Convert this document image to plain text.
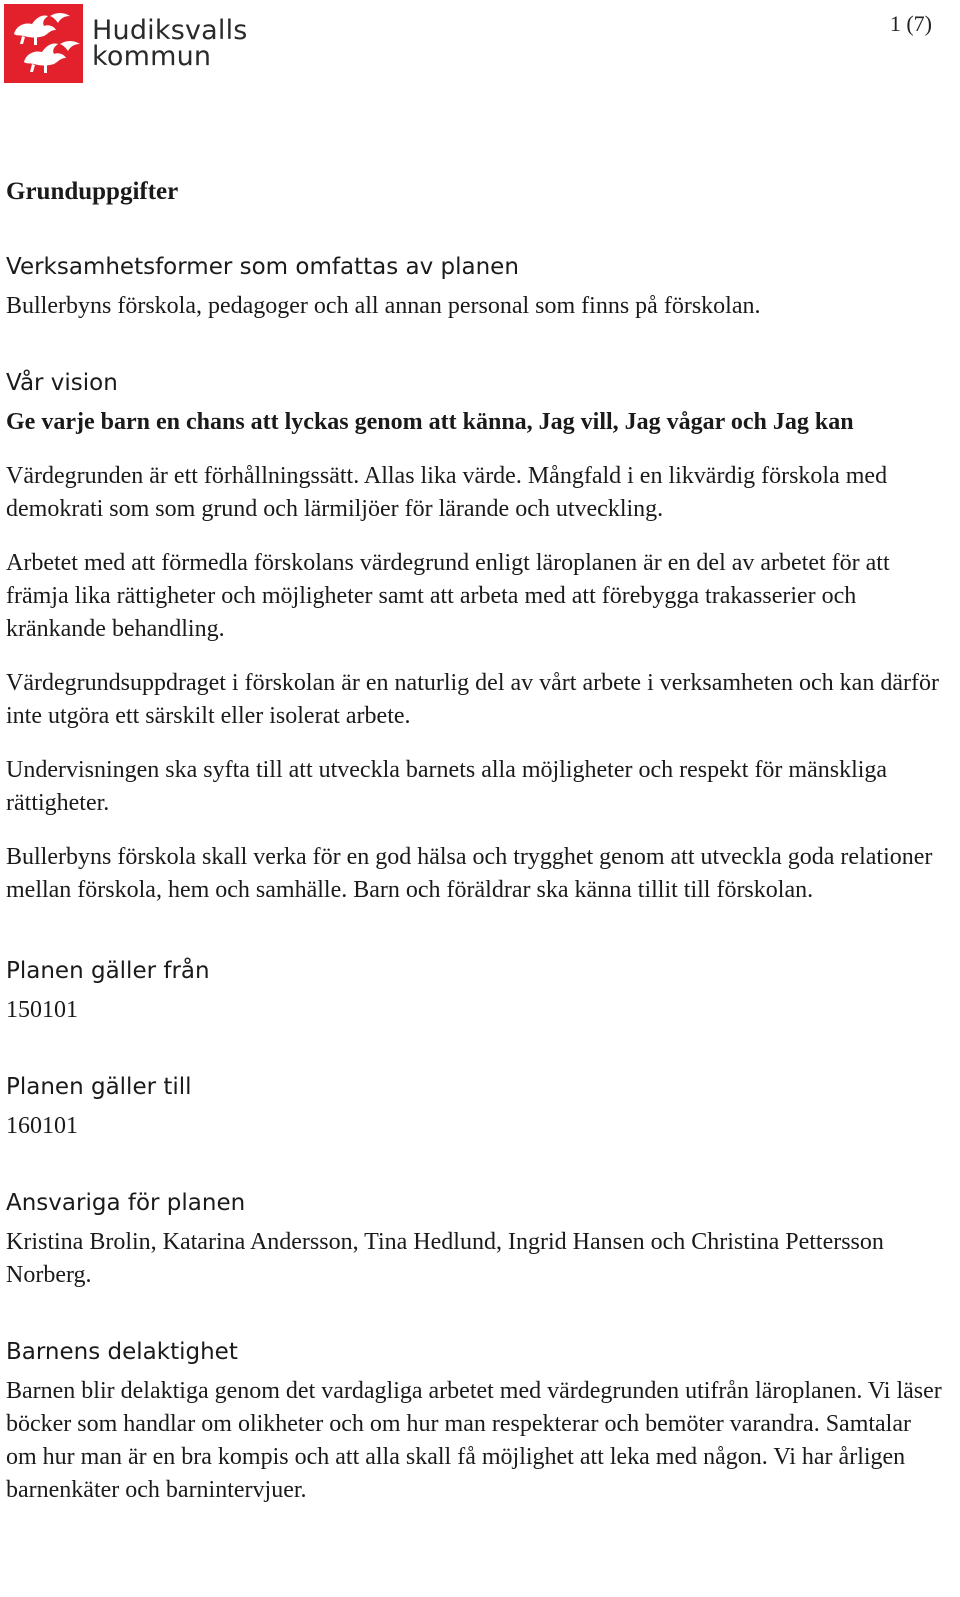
Hudiksvalls
kommun
1 (7)
Grunduppgifter
Verksamhetsformer som omfattas av planen
Bullerbyns förskola, pedagoger och all annan personal som finns på förskolan.
Vår vision
Ge varje barn en chans att lyckas genom att känna, Jag vill, Jag vågar och Jag kan
Värdegrunden är ett förhållningssätt. Allas lika värde. Mångfald i en likvärdig förskola med demokrati som som grund och lärmiljöer för lärande och utveckling.
Arbetet med att förmedla förskolans värdegrund enligt läroplanen är en del av arbetet för att främja lika rättigheter och möjligheter samt att arbeta med att förebygga trakasserier och kränkande behandling.
Värdegrundsuppdraget i förskolan är en naturlig del av vårt arbete i verksamheten och kan därför inte utgöra ett särskilt eller isolerat arbete.
Undervisningen ska syfta till att utveckla barnets alla möjligheter och respekt för mänskliga rättigheter.
Bullerbyns förskola skall verka för en god hälsa och trygghet genom att utveckla goda relationer mellan förskola, hem och samhälle. Barn och föräldrar ska känna tillit till förskolan.
Planen gäller från
150101
Planen gäller till
160101
Ansvariga för planen
Kristina Brolin, Katarina Andersson, Tina Hedlund, Ingrid Hansen och Christina Pettersson Norberg.
Barnens delaktighet
Barnen blir delaktiga genom det vardagliga arbetet med värdegrunden utifrån läroplanen. Vi läser böcker som handlar om olikheter och om hur man respekterar och bemöter varandra. Samtalar om hur man är en bra kompis och att alla skall få möjlighet att leka med någon. Vi har årligen barnenkäter och barnintervjuer.
